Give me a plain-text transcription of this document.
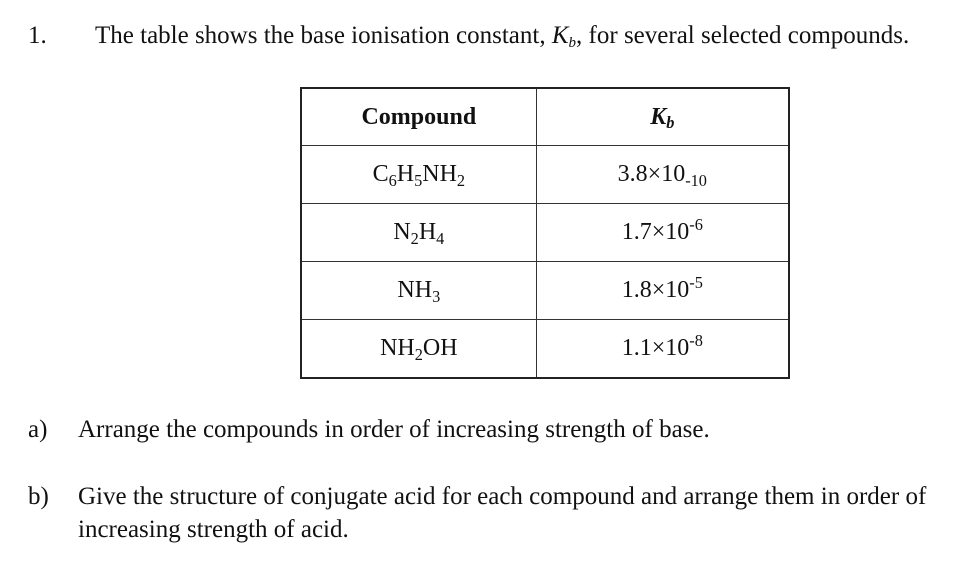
1. The table shows the base ionisation constant, $K_b$, for several selected compounds.
Compound	$K_b$
$C_6H_5NH_2$	$3.8\times 10_{-10}$
$N_2H_4$	$1.7\times 10^{-6}$
$NH_3$	$1.8\times 10^{-5}$
$NH_2OH$	$1.1\times 10^{-8}$
a) Arrange the compounds in order of increasing strength of base.
b) Give the structure of conjugate acid for each compound and arrange them in order of increasing strength of acid.
